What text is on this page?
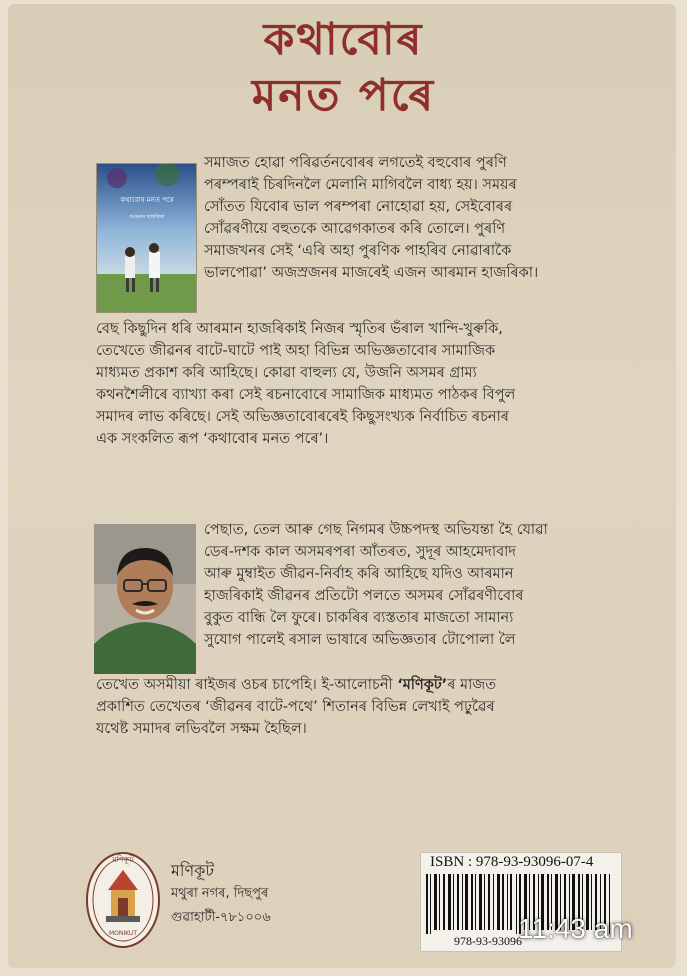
কথাবোৰ
মনত পৰে
কথাবোৰ মনত পৰে
আৰমান হাজৰিকা
সমাজত হোৱা পৰিৱৰ্তনবোৰৰ লগতেই বহুবোৰ পুৰণি
পৰম্পৰাই চিৰদিনলৈ মেলানি মাগিবলৈ বাধ্য হয়। সময়ৰ
সোঁতত যিবোৰ ভাল পৰম্পৰা নোহোৱা হয়, সেইবোৰৰ
সোঁৱৰণীয়ে বহুতকে আৱেগকাতৰ কৰি তোলে। পুৰণি
সমাজখনৰ সেই ‘এৰি অহা পুৰণিক পাহৰিব নোৱাৰাকৈ
ভালপোৱা’ অজস্ৰজনৰ মাজৰেই এজন আৰমান হাজৰিকা।
বেছ কিছুদিন ধৰি আৰমান হাজৰিকাই নিজৰ স্মৃতিৰ ভঁৰাল খান্দি-খুৰুকি,
তেখেতে জীৱনৰ বাটে-ঘাটে পাই অহা বিভিন্ন অভিজ্ঞতাবোৰ সামাজিক
মাধ্যমত প্ৰকাশ কৰি আহিছে। কোৱা বাহুল্য যে, উজনি অসমৰ গ্ৰাম্য
কথনশৈলীৰে ব্যাখ্যা কৰা সেই ৰচনাবোৰে সামাজিক মাধ্যমত পাঠকৰ বিপুল
সমাদৰ লাভ কৰিছে। সেই অভিজ্ঞতাবোৰৰেই কিছুসংখ্যক নিৰ্বাচিত ৰচনাৰ
এক সংকলিত ৰূপ ‘কথাবোৰ মনত পৰে’।
পেছাত, তেল আৰু গেছ নিগমৰ উচ্চপদস্থ অভিযন্তা হৈ যোৱা
ডেৰ-দশক কাল অসমৰপৰা আঁতৰত, সুদূৰ আহমেদাবাদ
আৰু মুম্বাইত জীৱন-নিৰ্বাহ কৰি আহিছে যদিও আৰমান
হাজৰিকাই জীৱনৰ প্ৰতিটো পলতে অসমৰ সোঁৱৰণীবোৰ
বুকুত বান্ধি লৈ ফুৰে। চাকৰিৰ ব্যস্ততাৰ মাজতো সামান্য
সুযোগ পালেই ৰসাল ভাষাৰে অভিজ্ঞতাৰ টোপোলা লৈ
তেখেত অসমীয়া ৰাইজৰ ওচৰ চাপেহি। ই-আলোচনী ‘মণিকূট’ৰ মাজত
প্ৰকাশিত তেখেতৰ ‘জীৱনৰ বাটে-পথে’ শিতানৰ বিভিন্ন লেখাই পঢ়ুৱৈৰ
যথেষ্ট সমাদৰ লভিবলৈ সক্ষম হৈছিল।
মণিকূট
MONIKUT
মণিকূট
মথুৰা নগৰ, দিছপুৰ
গুৱাহাটী-৭৮১০০৬
ISBN : 978-93-93096-07-4
978-93-93096
11:43 am
